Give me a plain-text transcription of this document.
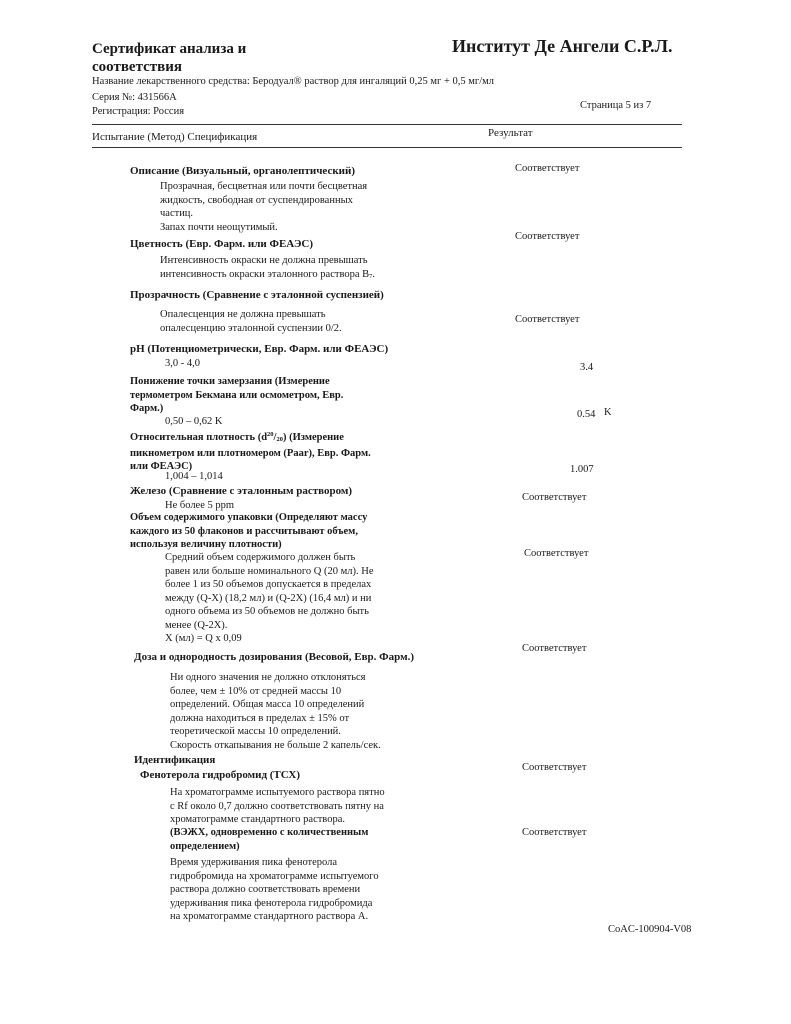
Сертификат анализа и
соответствия
Институт Де Ангели С.Р.Л.
Название лекарственного средства: Беродуал® раствор для ингаляций 0,25 мг + 0,5 мг/мл
Серия №: 431566A
Регистрация: Россия
Страница 5 из 7
Испытание (Метод) Спецификация	Результат
Описание (Визуальный, органолептический)	Соответствует
Прозрачная, бесцветная или почти бесцветная
жидкость, свободная от суспендированных
частиц.
Запах почти неощутимый.
Цветность (Евр. Фарм. или ФЕАЭС)
Соответствует
Интенсивность окраски не должна превышать
интенсивность окраски эталонного раствора B7.
Прозрачность (Сравнение с эталонной суспензией)
Соответствует
Опалесценция не должна превышать
опалесценцию эталонной суспензии 0/2.
pH (Потенциометрически, Евр. Фарм. или ФЕАЭС)
3,0 - 4,0	3.4
Понижение точки замерзания (Измерение
термометром Бекмана или осмометром, Евр.
Фарм.)
0,50 – 0,62 K
0.54 K
Относительная плотность $(d^{20}/20)$ (Измерение
пикнометром или плотномером (Paar), Евр. Фарм.
или ФЕАЭС)
1,004 – 1,014
1.007
Железо (Сравнение с эталонным раствором)
Не более 5 ppm
Соответствует
Объем содержимого упаковки (Определяют массу
каждого из 50 флаконов и рассчитывают объем,
используя величину плотности)
Средний объем содержимого должен быть
равен или больше номинального Q (20 мл). Не
более 1 из 50 объемов допускается в пределах
между (Q-X) (18,2 мл) и (Q-2X) (16,4 мл) и ни
одного объема из 50 объемов не должно быть
менее (Q-2X).
X (мл) = Q x 0,09
Соответствует
Доза и однородность дозирования (Весовой, Евр. Фарм.)
Соответствует
Ни одного значения не должно отклоняться
более, чем ± 10% от средней массы 10
определений. Общая масса 10 определений
должна находиться в пределах ± 15% от
теоретической массы 10 определений.
Скорость откапывания не больше 2 капель/сек.
Идентификация
Фенотерола гидробромид (ТСХ)
Соответствует
На хроматограмме испытуемого раствора пятно
с Rf около 0,7 должно соответствовать пятну на
хроматограмме стандартного раствора.
(ВЭЖХ, одновременно с количественным
определением)
Соответствует
Время удерживания пика фенотерола
гидробромида на хроматограмме испытуемого
раствора должно соответствовать времени
удерживания пика фенотерола гидробромида
на хроматограмме стандартного раствора А.
CoAC-100904-V08
